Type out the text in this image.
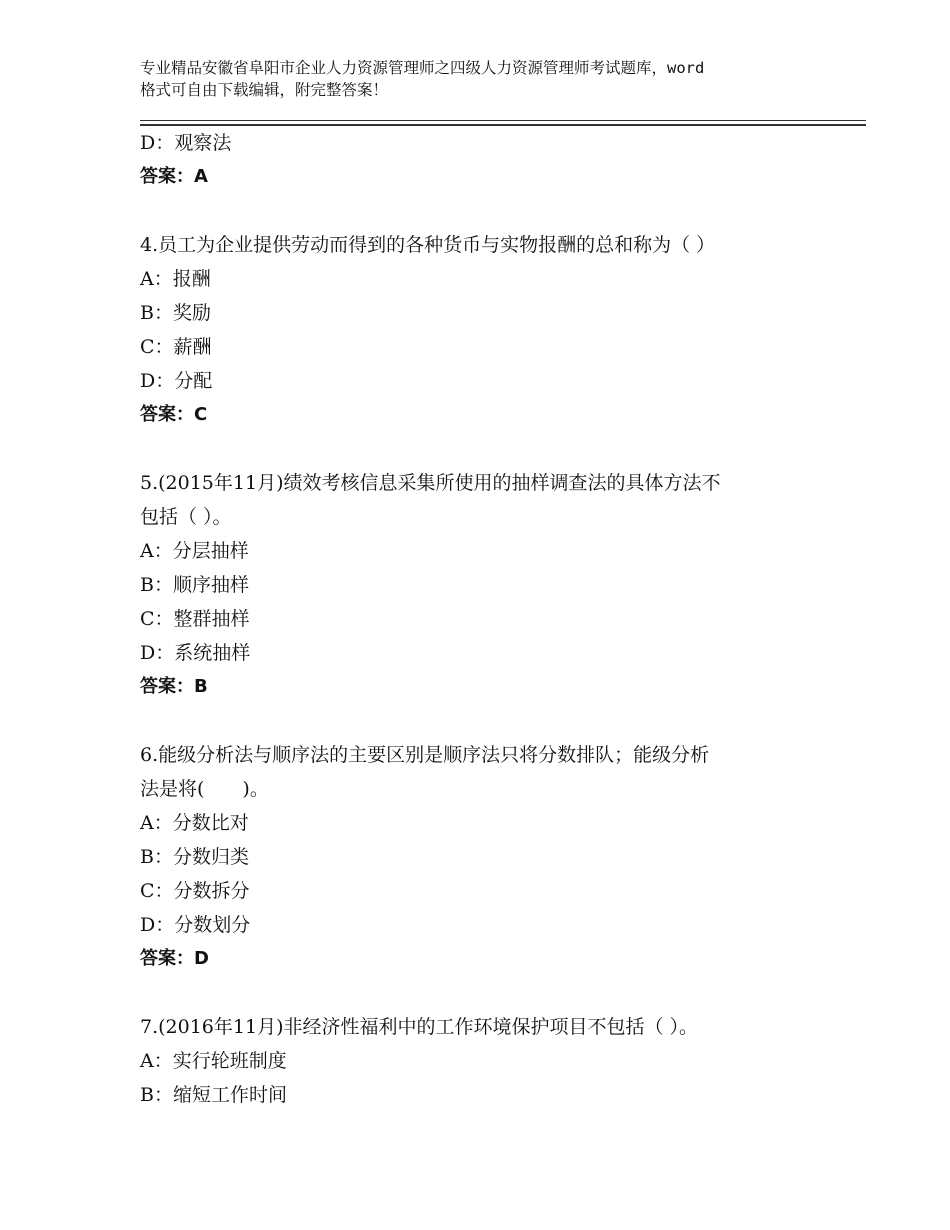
专业精品安徽省阜阳市企业人力资源管理师之四级人力资源管理师考试题库，word
格式可自由下载编辑，附完整答案！
D：观察法
答案：A
4.员工为企业提供劳动而得到的各种货币与实物报酬的总和称为（ ）
A：报酬
B：奖励
C：薪酬
D：分配
答案：C
5.(2015年11月)绩效考核信息采集所使用的抽样调查法的具体方法不
包括（ ）。
A：分层抽样
B：顺序抽样
C：整群抽样
D：系统抽样
答案：B
6.能级分析法与顺序法的主要区别是顺序法只将分数排队；能级分析
法是将(　　)。
A：分数比对
B：分数归类
C：分数拆分
D：分数划分
答案：D
7.(2016年11月)非经济性福利中的工作环境保护项目不包括（ ）。
A：实行轮班制度
B：缩短工作时间
